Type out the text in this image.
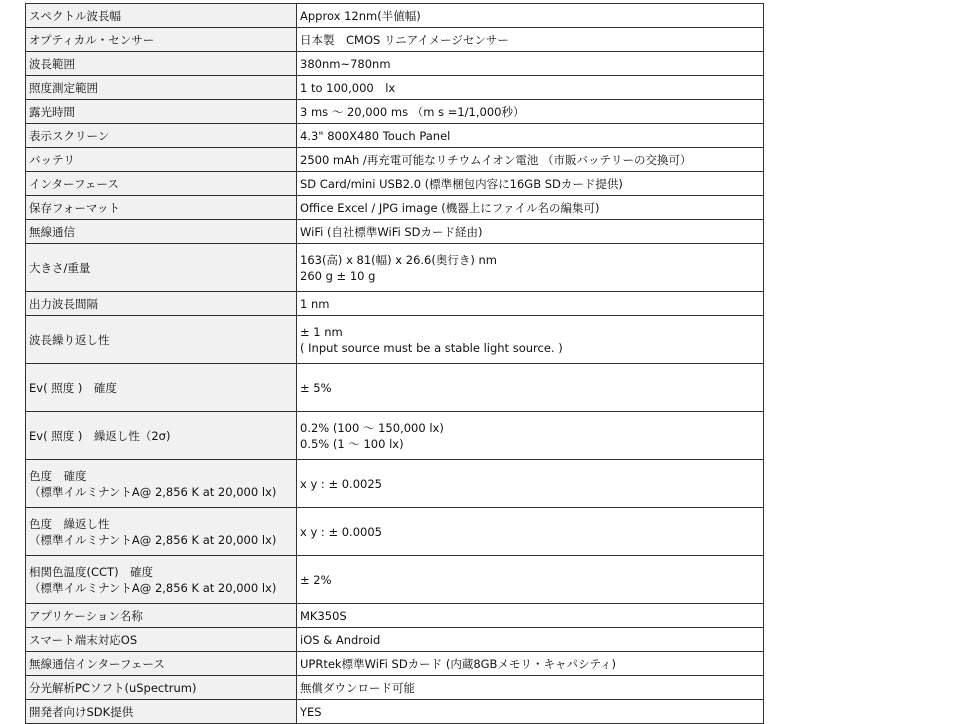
スペクトル波長幅	Approx 12nm(半値幅)

オプティカル・センサー	日本製　CMOS リニアイメージセンサー

波長範囲	380nm~780nm

照度測定範囲	1 to 100,000　lx

露光時間	3 ms ～ 20,000 ms （m s =1/1,000秒）

表示スクリーン	4.3" 800X480 Touch Panel

バッテリ	2500 mAh /再充電可能なリチウムイオン電池 （市販バッテリーの交換可）

インターフェース	SD Card/mini USB2.0 (標準梱包内容に16GB SDカード提供)

保存フォーマット	Office Excel / JPG image (機器上にファイル名の編集可)

無線通信	WiFi (自社標準WiFi SDカード経由)

大きさ/重量	163(高) x 81(幅) x 26.6(奥行き) nm
260 g ± 10 g

出力波長間隔	1 nm

波長繰り返し性	± 1 nm
( Input source must be a stable light source. )

Ev( 照度 )　確度	± 5%

Ev( 照度 )　繰返し性（2σ)	0.2% (100 ～ 150,000 lx)
0.5% (1 ～ 100 lx)

色度　確度
（標準イルミナントA@ 2,856 K at 20,000 lx)	x y : ± 0.0025

色度　繰返し性
（標準イルミナントA@ 2,856 K at 20,000 lx)	x y : ± 0.0005

相関色温度(CCT)　確度
（標準イルミナントA@ 2,856 K at 20,000 lx)	± 2%

アプリケーション名称	MK350S

スマート端末対応OS	iOS & Android

無線通信インターフェース	UPRtek標準WiFi SDカード (内蔵8GBメモリ・キャパシティ)

分光解析PCソフト(uSpectrum)	無償ダウンロード可能

開発者向けSDK提供	YES
